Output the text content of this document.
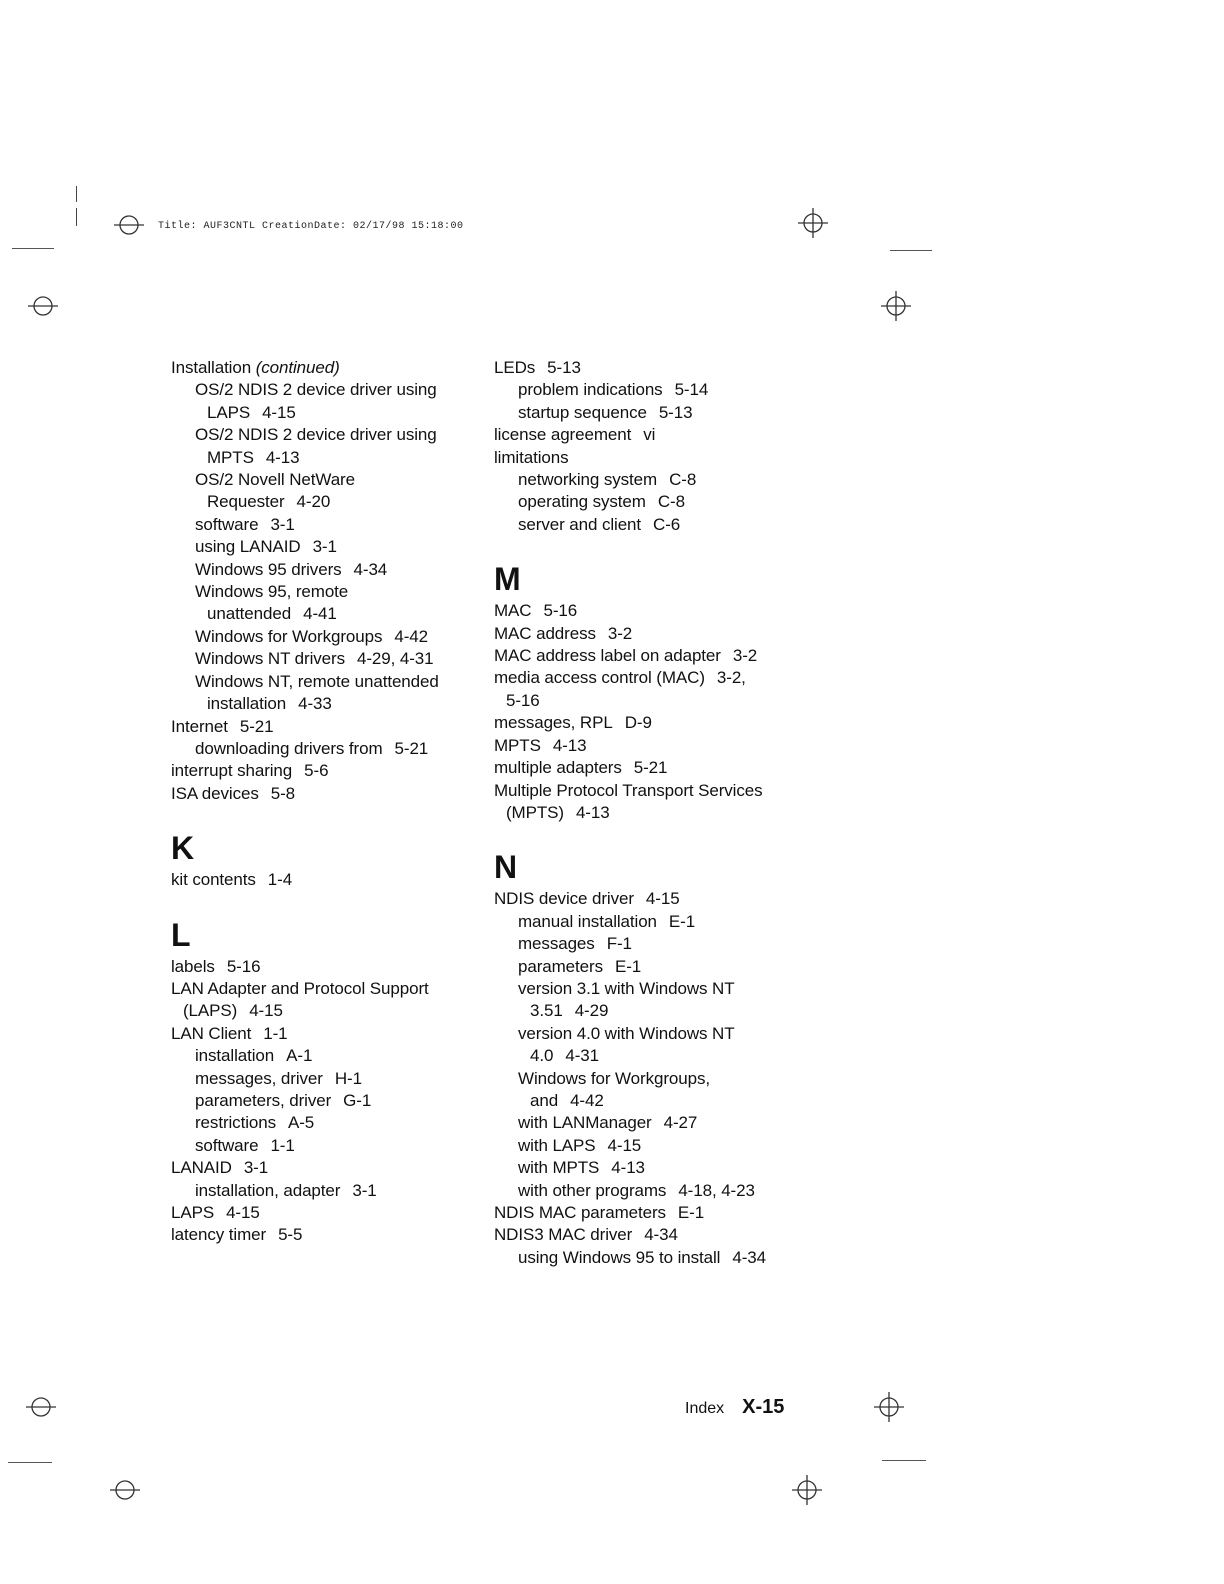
Title: AUF3CNTL CreationDate: 02/17/98 15:18:00
Installation (continued)
OS/2 NDIS 2 device driver using
LAPS 4-15
OS/2 NDIS 2 device driver using
MPTS 4-13
OS/2 Novell NetWare
Requester 4-20
software 3-1
using LANAID 3-1
Windows 95 drivers 4-34
Windows 95, remote
unattended 4-41
Windows for Workgroups 4-42
Windows NT drivers 4-29, 4-31
Windows NT, remote unattended
installation 4-33
Internet 5-21
downloading drivers from 5-21
interrupt sharing 5-6
ISA devices 5-8
K
kit contents 1-4
L
labels 5-16
LAN Adapter and Protocol Support
(LAPS) 4-15
LAN Client 1-1
installation A-1
messages, driver H-1
parameters, driver G-1
restrictions A-5
software 1-1
LANAID 3-1
installation, adapter 3-1
LAPS 4-15
latency timer 5-5
LEDs 5-13
problem indications 5-14
startup sequence 5-13
license agreement vi
limitations
networking system C-8
operating system C-8
server and client C-6
M
MAC 5-16
MAC address 3-2
MAC address label on adapter 3-2
media access control (MAC) 3-2,
5-16
messages, RPL D-9
MPTS 4-13
multiple adapters 5-21
Multiple Protocol Transport Services
(MPTS) 4-13
N
NDIS device driver 4-15
manual installation E-1
messages F-1
parameters E-1
version 3.1 with Windows NT
3.51 4-29
version 4.0 with Windows NT
4.0 4-31
Windows for Workgroups,
and 4-42
with LANManager 4-27
with LAPS 4-15
with MPTS 4-13
with other programs 4-18, 4-23
NDIS MAC parameters E-1
NDIS3 MAC driver 4-34
using Windows 95 to install 4-34
Index X-15
